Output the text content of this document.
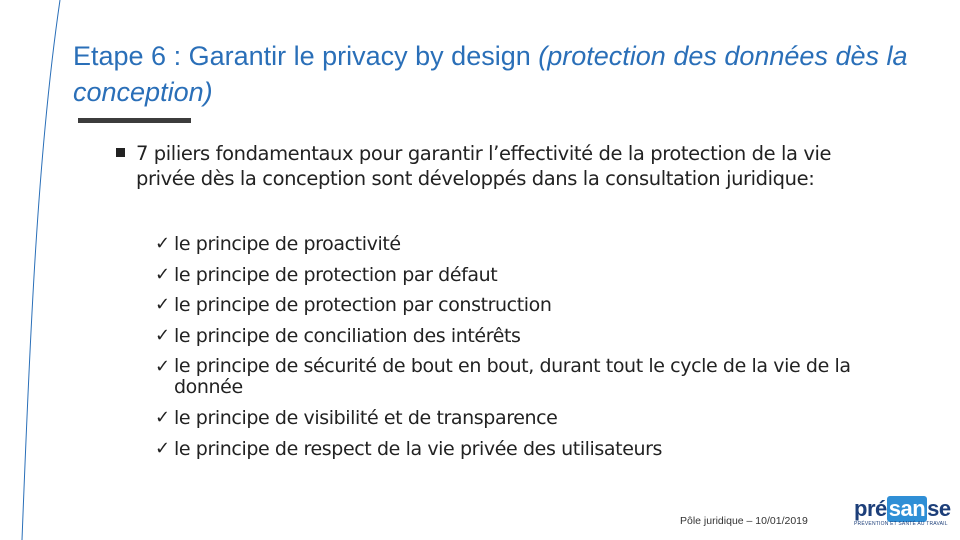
Etape 6 : Garantir le privacy by design (protection des données dès la conception)
7 piliers fondamentaux pour garantir l’effectivité de la protection de la vie privée dès la conception sont développés dans la consultation juridique:
✓ le principe de proactivité
✓ le principe de protection par défaut
✓ le principe de protection par construction
✓ le principe de conciliation des intérêts
✓ le principe de sécurité de bout en bout, durant tout le cycle de la vie de la donnée
✓ le principe de visibilité et de transparence
✓ le principe de respect de la vie privée des utilisateurs
Pôle juridique – 10/01/2019 présanse
PRÉVENTION ET SANTÉ AU TRAVAIL
